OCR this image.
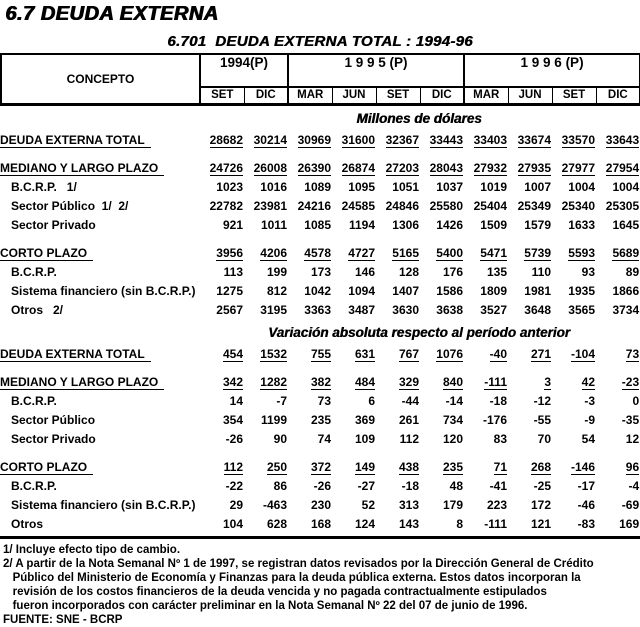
6.7 DEUDA EXTERNA
6.701  DEUDA EXTERNA TOTAL : 1994-96
CONCEPTO	1994(P)		1 9 9 5 (P)				1 9 9 6 (P)			
	SET	DIC	MAR	JUN	SET	DIC	MAR	JUN	SET	DIC
	Millones de dólares									
DEUDA EXTERNA TOTAL	28682	30214	30969	31600	32367	33443	33403	33674	33570	33643

MEDIANO Y LARGO PLAZO	24726	26008	26390	26874	27203	28043	27932	27935	27977	27954
B.C.R.P.   1/	1023	1016	1089	1095	1051	1037	1019	1007	1004	1004
Sector Público  1/  2/	22782	23981	24216	24585	24846	25580	25404	25349	25340	25305
Sector Privado	921	1011	1085	1194	1306	1426	1509	1579	1633	1645

CORTO PLAZO	3956	4206	4578	4727	5165	5400	5471	5739	5593	5689
B.C.R.P.	113	199	173	146	128	176	135	110	93	89
Sistema financiero (sin B.C.R.P.)	1275	812	1042	1094	1407	1586	1809	1981	1935	1866
Otros   2/	2567	3195	3363	3487	3630	3638	3527	3648	3565	3734
	Variación absoluta respecto al período anterior									
DEUDA EXTERNA TOTAL	454	1532	755	631	767	1076	-40	271	-104	73

MEDIANO Y LARGO PLAZO	342	1282	382	484	329	840	-111	3	42	-23
B.C.R.P.	14	-7	73	6	-44	-14	-18	-12	-3	0
Sector Público	354	1199	235	369	261	734	-176	-55	-9	-35
Sector Privado	-26	90	74	109	112	120	83	70	54	12

CORTO PLAZO	112	250	372	149	438	235	71	268	-146	96
B.C.R.P.	-22	86	-26	-27	-18	48	-41	-25	-17	-4
Sistema financiero (sin B.C.R.P.)	29	-463	230	52	313	179	223	172	-46	-69
Otros	104	628	168	124	143	8	-111	121	-83	169
1/ Incluye efecto tipo de cambio.
2/ A partir de la Nota Semanal Nº 1 de 1997, se registran datos revisados por la Dirección General de Crédito
Público del Ministerio de Economía y Finanzas para la deuda pública externa. Estos datos incorporan la
revisión de los costos financieros de la deuda vencida y no pagada contractualmente estipulados
fueron incorporados con carácter preliminar en la Nota Semanal Nº 22 del 07 de junio de 1996.
FUENTE: SNE - BCRP
